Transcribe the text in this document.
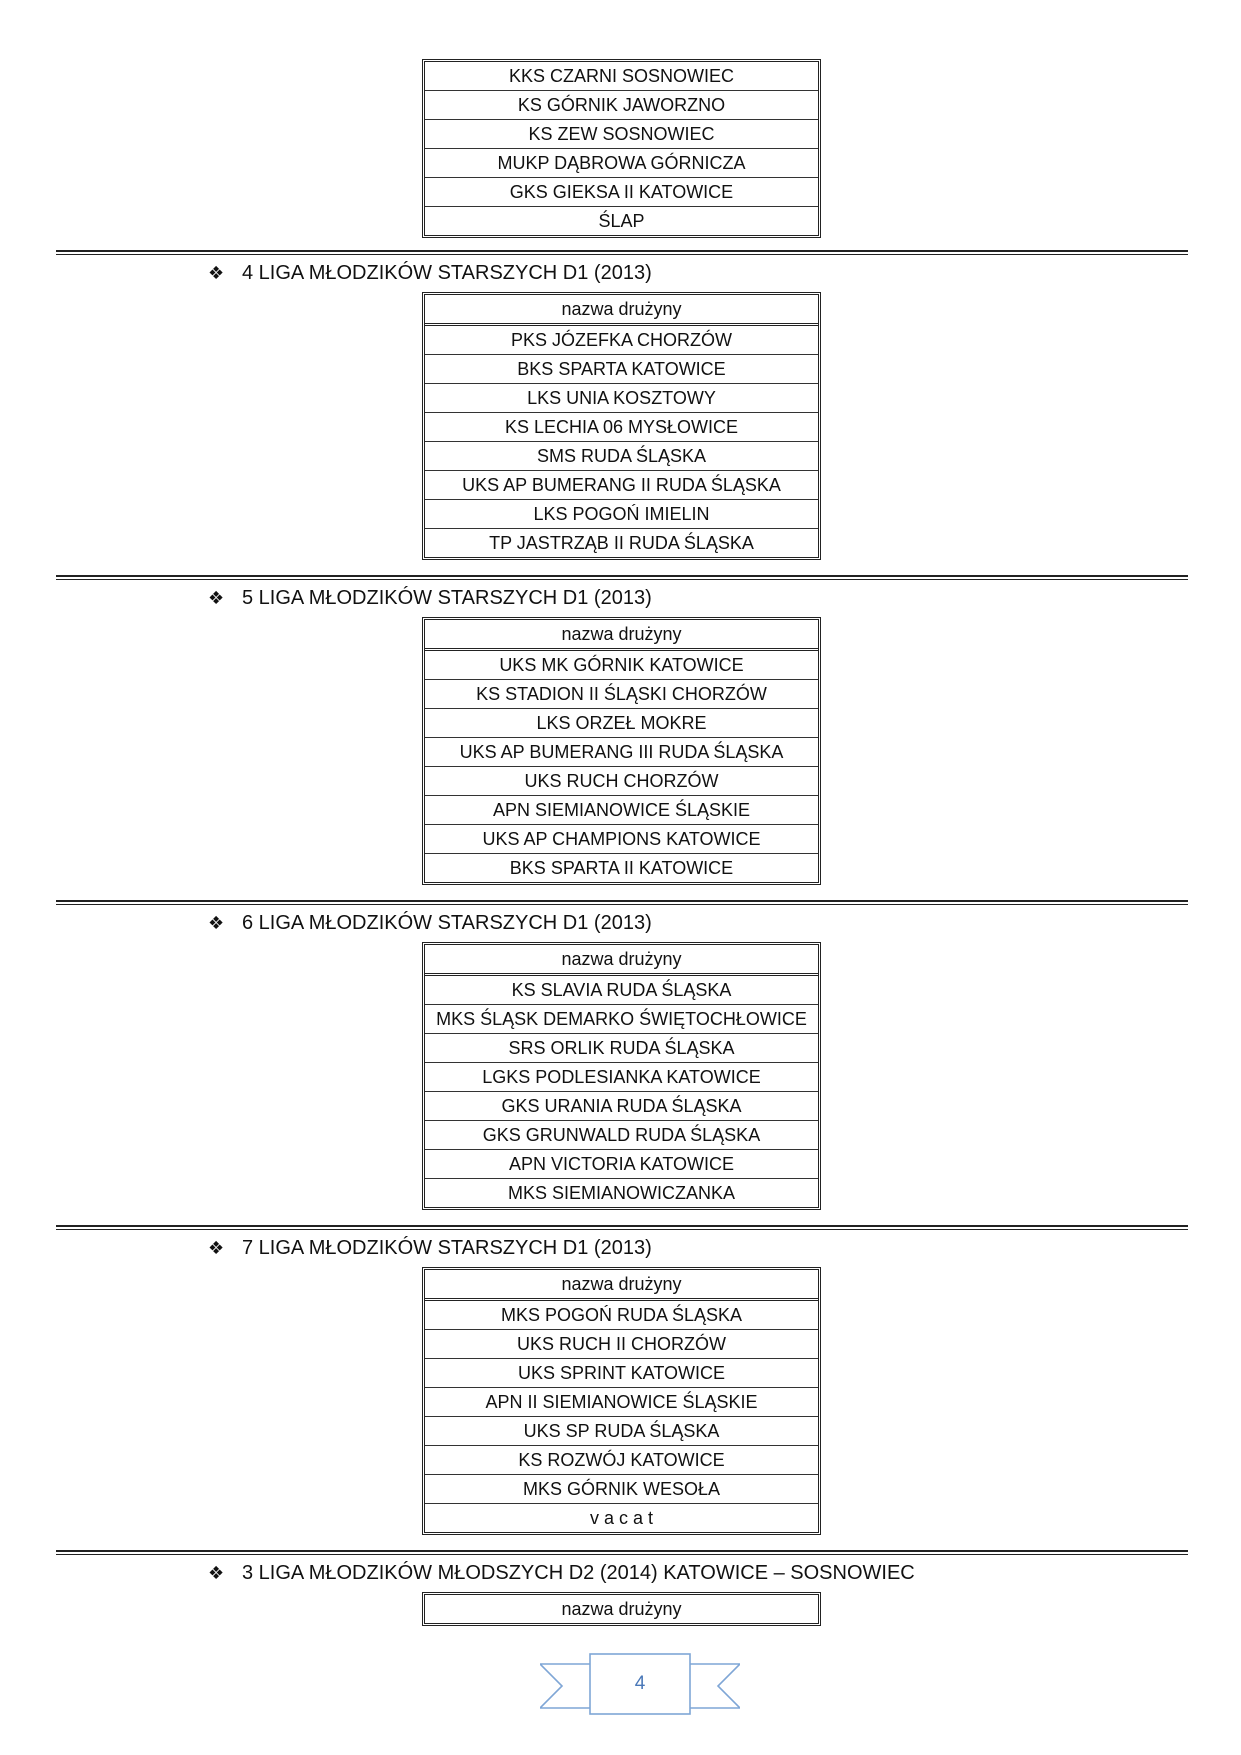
KKS CZARNI SOSNOWIEC
KS GÓRNIK JAWORZNO
KS ZEW SOSNOWIEC
MUKP DĄBROWA GÓRNICZA
GKS GIEKSA II KATOWICE
ŚLAP
❖ 4 LIGA MŁODZIKÓW STARSZYCH D1 (2013)
nazwa drużyny
PKS JÓZEFKA CHORZÓW
BKS SPARTA KATOWICE
LKS UNIA KOSZTOWY
KS LECHIA 06 MYSŁOWICE
SMS RUDA ŚLĄSKA
UKS AP BUMERANG II RUDA ŚLĄSKA
LKS POGOŃ IMIELIN
TP JASTRZĄB II RUDA ŚLĄSKA
❖ 5 LIGA MŁODZIKÓW STARSZYCH D1 (2013)
nazwa drużyny
UKS MK GÓRNIK KATOWICE
KS STADION II ŚLĄSKI CHORZÓW
LKS ORZEŁ MOKRE
UKS AP BUMERANG III RUDA ŚLĄSKA
UKS RUCH CHORZÓW
APN SIEMIANOWICE ŚLĄSKIE
UKS AP CHAMPIONS KATOWICE
BKS SPARTA II KATOWICE
❖ 6 LIGA MŁODZIKÓW STARSZYCH D1 (2013)
nazwa drużyny
KS SLAVIA RUDA ŚLĄSKA
MKS ŚLĄSK DEMARKO ŚWIĘTOCHŁOWICE
SRS ORLIK RUDA ŚLĄSKA
LGKS PODLESIANKA KATOWICE
GKS URANIA RUDA ŚLĄSKA
GKS GRUNWALD RUDA ŚLĄSKA
APN VICTORIA KATOWICE
MKS SIEMIANOWICZANKA
❖ 7 LIGA MŁODZIKÓW STARSZYCH D1 (2013)
nazwa drużyny
MKS POGOŃ RUDA ŚLĄSKA
UKS RUCH II CHORZÓW
UKS SPRINT KATOWICE
APN II SIEMIANOWICE ŚLĄSKIE
UKS SP RUDA ŚLĄSKA
KS ROZWÓJ KATOWICE
MKS GÓRNIK WESOŁA
v a c a t
❖ 3 LIGA MŁODZIKÓW MŁODSZYCH D2 (2014) KATOWICE – SOSNOWIEC
nazwa drużyny
4
